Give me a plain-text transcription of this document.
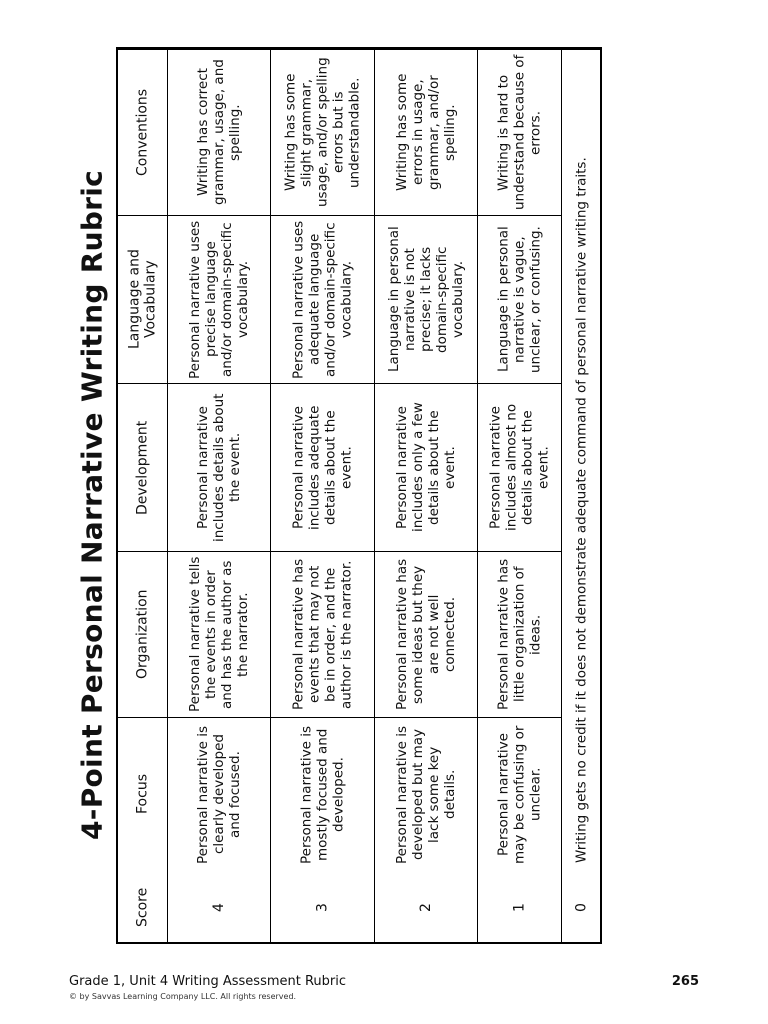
4-Point Personal Narrative Writing Rubric
Score
Focus
Organization
Development
Language and Vocabulary
Conventions
4
Personal narrative is clearly developed and focused.
Personal narrative tells the events in order and has the author as the narrator.
Personal narrative includes details about the event.
Personal narrative uses precise language and/or domain-specific vocabulary.
Writing has correct grammar, usage, and spelling.
3
Personal narrative is mostly focused and developed.
Personal narrative has events that may not be in order, and the author is the narrator.
Personal narrative includes adequate details about the event.
Personal narrative uses adequate language and/or domain-specific vocabulary.
Writing has some slight grammar, usage, and/or spelling errors but is understandable.
2
Personal narrative is developed but may lack some key details.
Personal narrative has some ideas but they are not well connected.
Personal narrative includes only a few details about the event.
Language in personal narrative is not precise; it lacks domain-specific vocabulary.
Writing has some errors in usage, grammar, and/or spelling.
1
Personal narrative may be confusing or unclear.
Personal narrative has little organization of ideas.
Personal narrative includes almost no details about the event.
Language in personal narrative is vague, unclear, or confusing.
Writing is hard to understand because of errors.
0
Writing gets no credit if it does not demonstrate adequate command of personal narrative writing traits.
Grade 1, Unit 4 Writing Assessment Rubric
© by Savvas Learning Company LLC. All rights reserved.
265
